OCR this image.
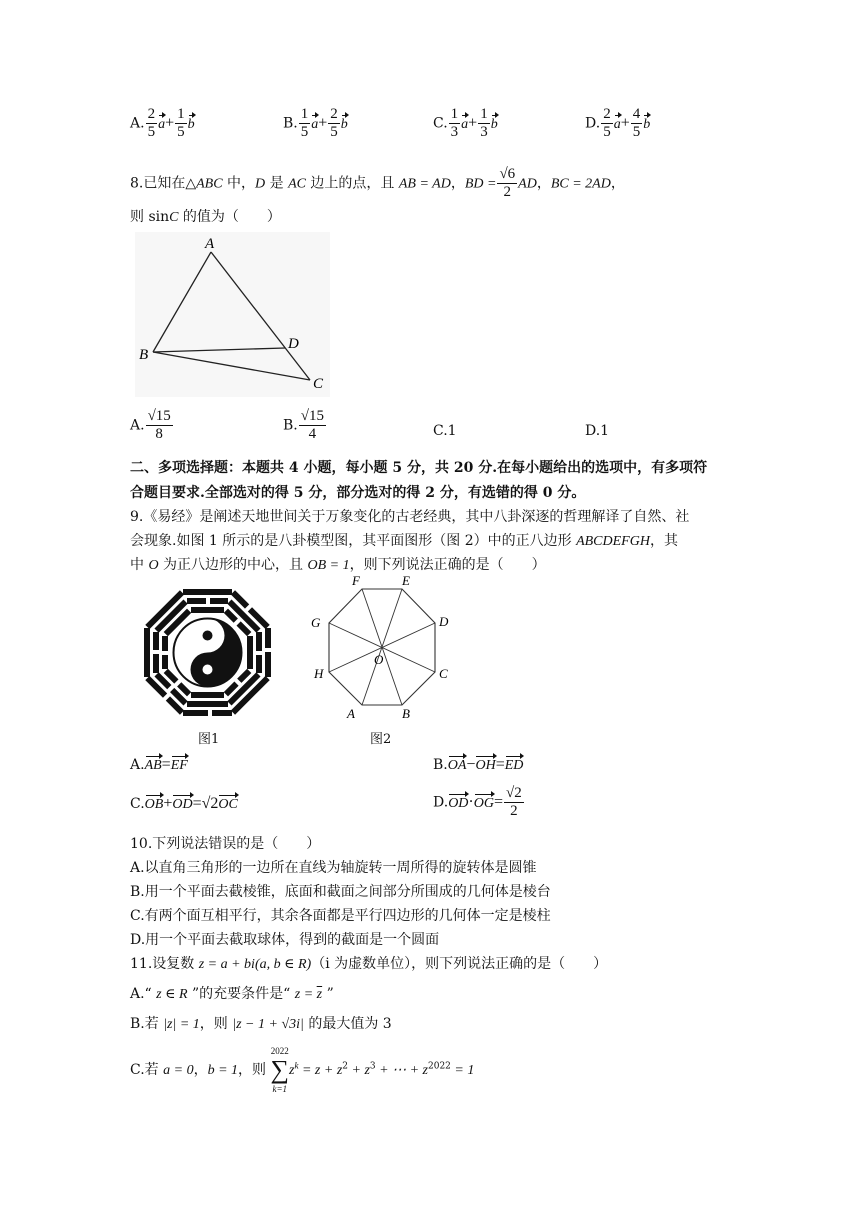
A. $\frac{2}{5} a+ \frac{1}{5}$ b	B. $\frac{1}{5} a+ \frac{2}{5}$ b	C. $\frac{1}{3} a+ \frac{1}{3}$ b	D. $\frac{2}{5} a+ \frac{4}{5}$ b
8.已知在△ABC 中，D 是 AC 边上的点，且 AB = AD，BD = $\frac{√6}{2}$ AD，BC = 2AD，
则 sinC 的值为（　　）
A
B
D
C
A. $\frac{√15}{8}$	B. $\frac{√15}{4}$	C.1	D.1
二、多项选择题：本题共 4 小题，每小题 5 分，共 20 分.在每小题给出的选项中，有多项符
合题目要求.全部选对的得 5 分，部分选对的得 2 分，有选错的得 0 分。
9.《易经》是阐述天地世间关于万象变化的古老经典，其中八卦深逐的哲理解译了自然、社
会现象.如图 1 所示的是八卦模型图，其平面图形（图 2）中的正八边形 ABCDEFGH，其
中 O 为正八边形的中心，且 OB = 1，则下列说法正确的是（　　）
图1
F	E
D
C
B
A
H
G
O
图2
A.AB=EF	B.OA−OH=ED
C.OB+OD=√2OC	$D.OD\cdot OG= \frac{√2}{2}$
10.下列说法错误的是（　　）
A.以直角三角形的一边所在直线为轴旋转一周所得的旋转体是圆锥
B.用一个平面去截棱锥，底面和截面之间部分所围成的几何体是棱台
C.有两个面互相平行，其余各面都是平行四边形的几何体一定是棱柱
D.用一个平面去截取球体，得到的截面是一个圆面
11.设复数 z = a + bi(a, b ∈ R)（i 为虚数单位），则下列说法正确的是（　　）
A.“ z ∈ R ”的充要条件是“ $z = \overline{z}$ ”
B.若 |z| = 1，则 |z − 1 + √3i| 的最大值为 3
C.若 a = 0，b = 1，则
2022
∑
k=1
$z^k = z + z^2 + z^3$ + ⋯ + $z^{2022} = 1$
